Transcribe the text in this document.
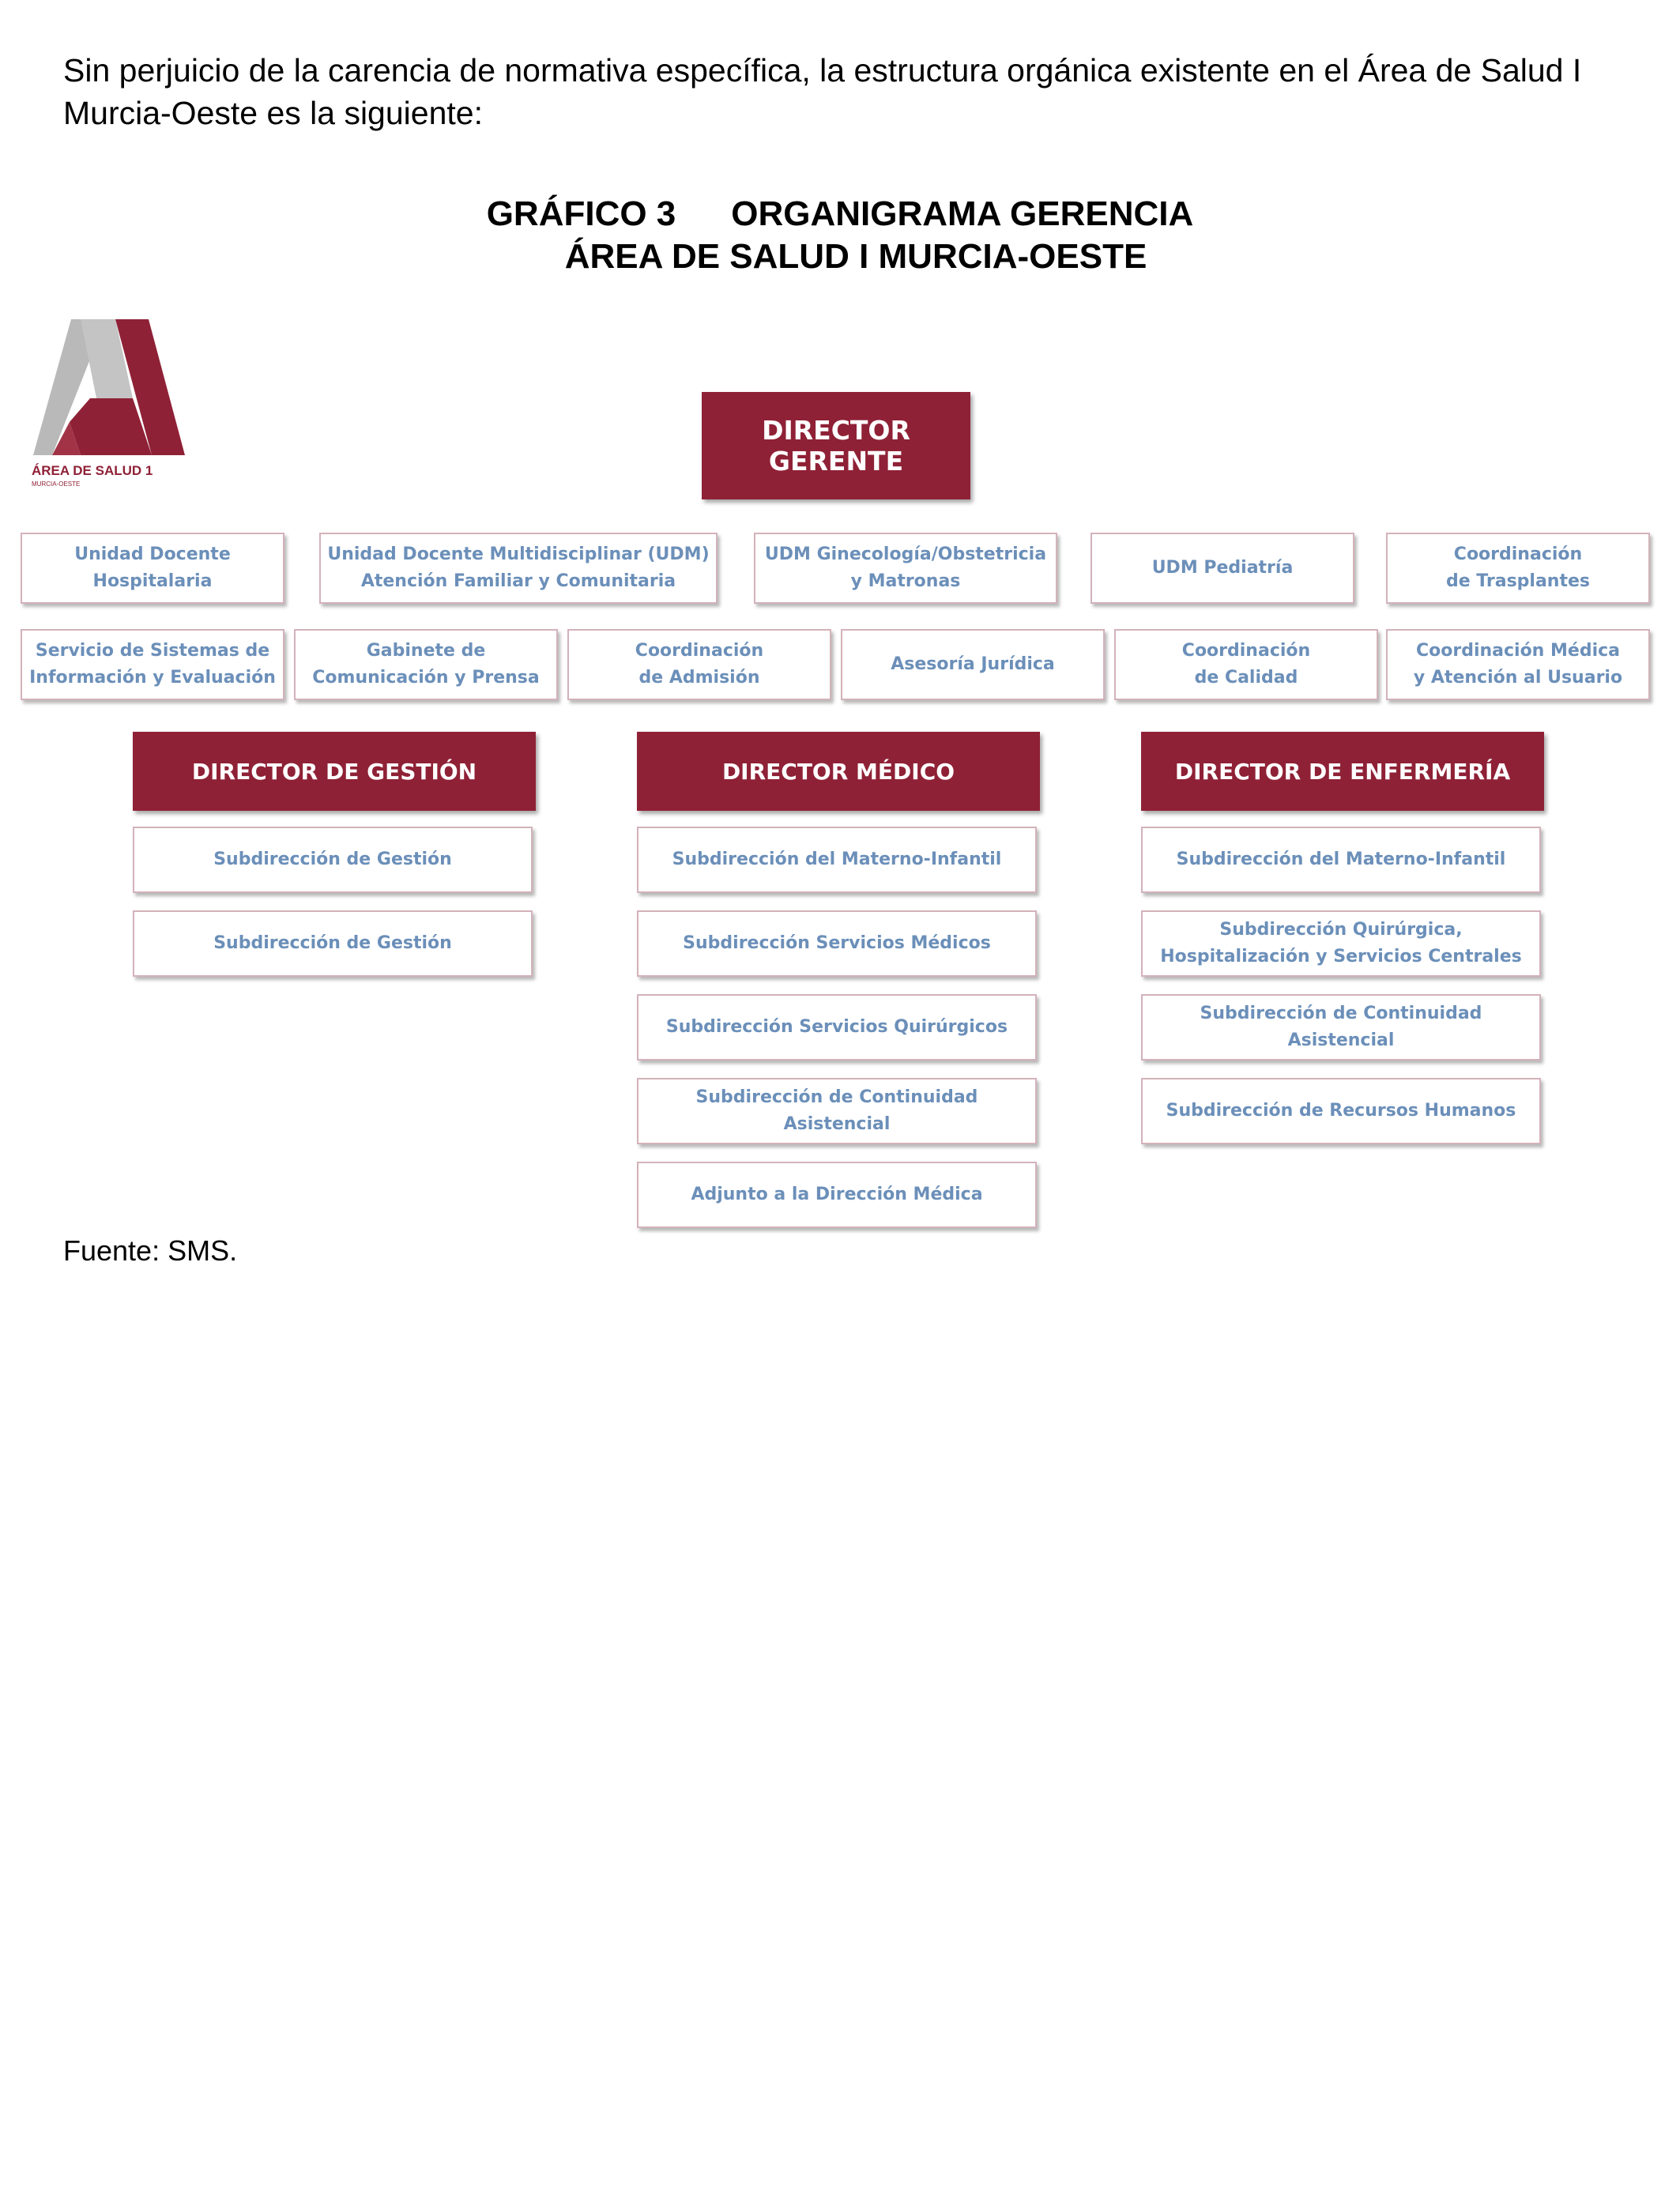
Sin perjuicio de la carencia de normativa específica, la estructura orgánica existente en el Área de Salud I Murcia-Oeste es la siguiente:
GRÁFICO 3 ORGANIGRAMA GERENCIA
ÁREA DE SALUD I MURCIA-OESTE
ÁREA DE SALUD 1
MURCIA-OESTE
DIRECTOR GERENTE
Unidad Docente
Hospitalaria
Unidad Docente Multidisciplinar (UDM)
Atención Familiar y Comunitaria
UDM Ginecología/Obstetricia
y Matronas
UDM Pediatría
Coordinación
de Trasplantes
Servicio de Sistemas de
Información y Evaluación
Gabinete de
Comunicación y Prensa
Coordinación
de Admisión
Asesoría Jurídica
Coordinación
de Calidad
Coordinación Médica
y Atención al Usuario
DIRECTOR DE GESTIÓN
Subdirección de Gestión
Subdirección de Gestión
DIRECTOR MÉDICO
Subdirección del Materno-Infantil
Subdirección Servicios Médicos
Subdirección Servicios Quirúrgicos
Subdirección de Continuidad Asistencial
Adjunto a la Dirección Médica
DIRECTOR DE ENFERMERÍA
Subdirección del Materno-Infantil
Subdirección Quirúrgica,
Hospitalización y Servicios Centrales
Subdirección de Continuidad Asistencial
Subdirección de Recursos Humanos
Fuente: SMS.
